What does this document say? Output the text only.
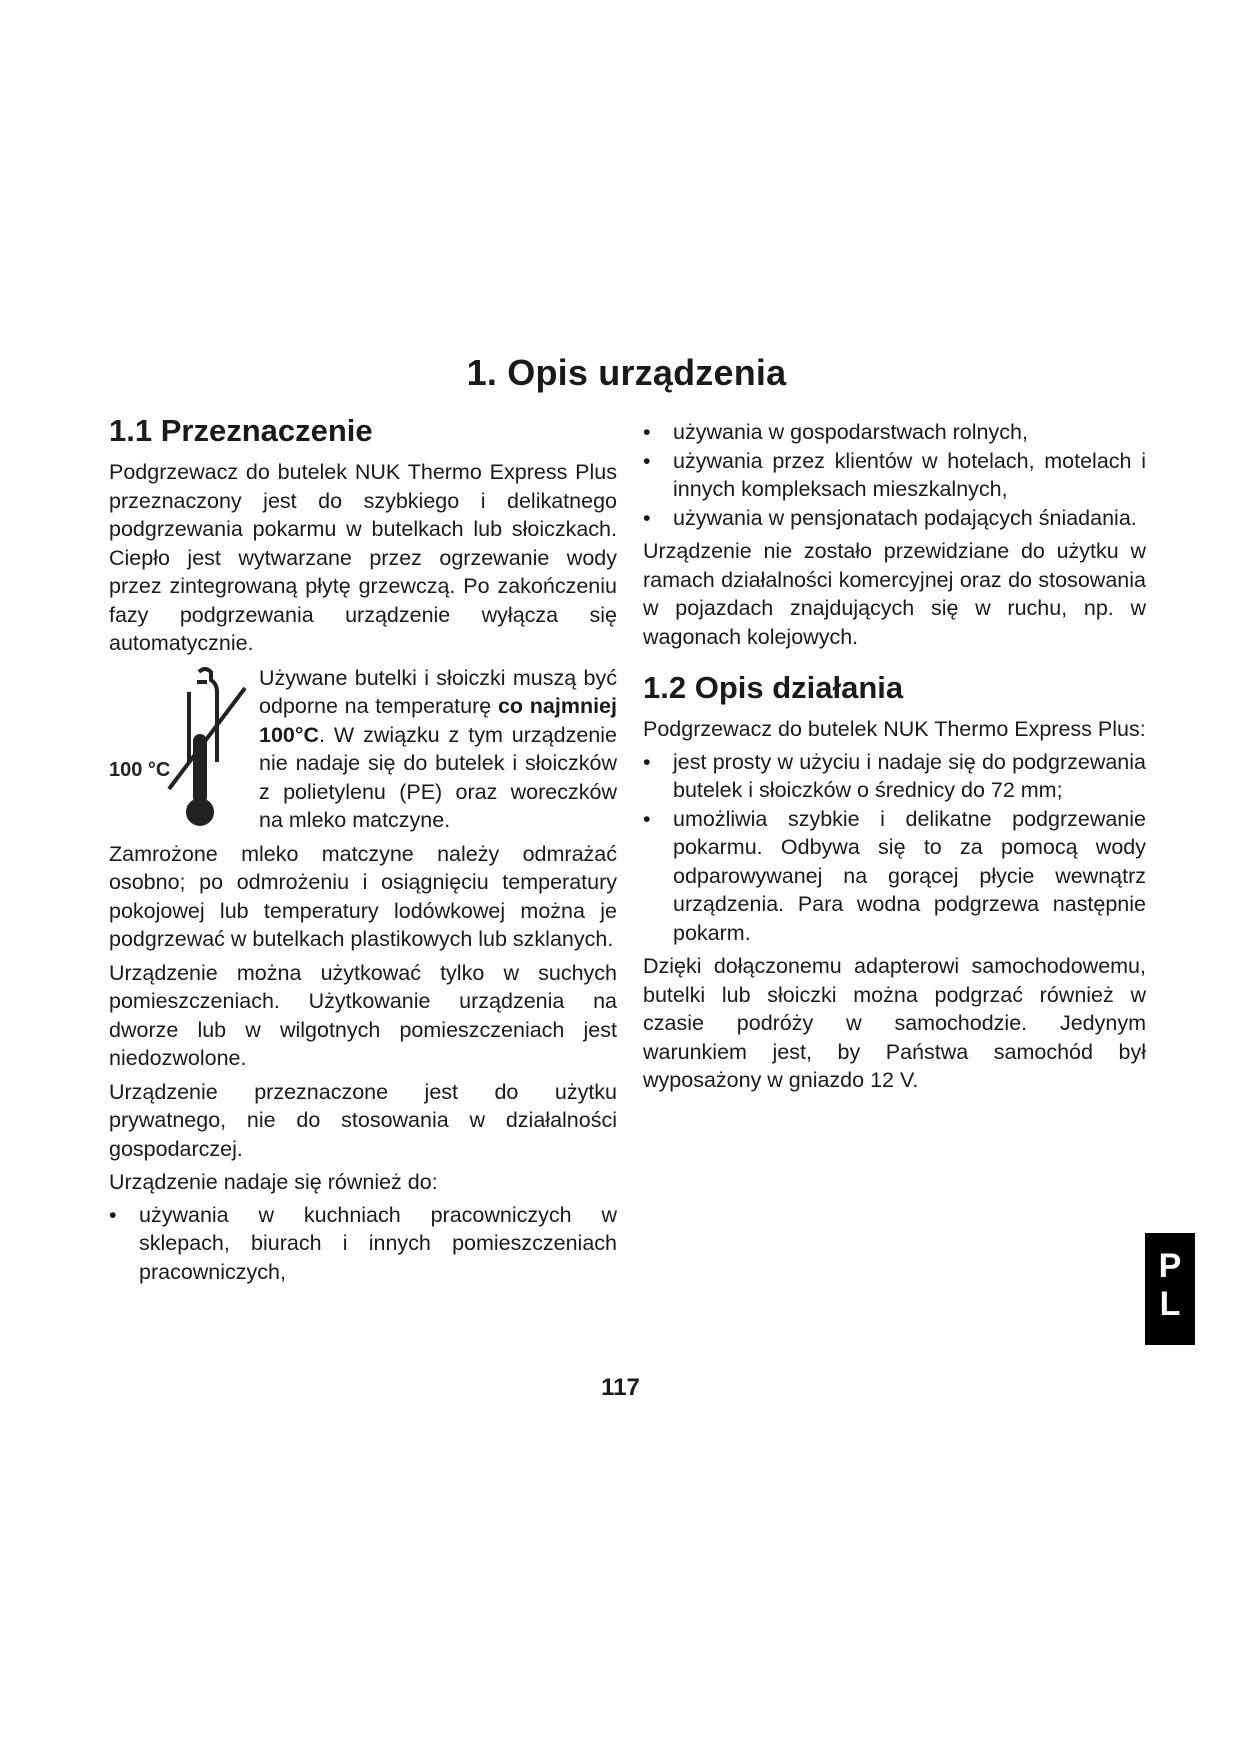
1. Opis urządzenia
1.1 Przeznaczenie

Podgrzewacz do butelek NUK Thermo Express Plus przeznaczony jest do szybkiego i delikatnego podgrzewania pokarmu w butelkach lub słoiczkach. Ciepło jest wytwarzane przez ogrzewanie wody przez zintegrowaną płytę grzewczą. Po zakończeniu fazy podgrzewania urządzenie wyłącza się automatycznie.

100 °C
Używane butelki i słoiczki muszą być odporne na temperaturę co najmniej 100°C. W związku z tym urządzenie nie nadaje się do butelek i słoiczków z polietylenu (PE) oraz woreczków na mleko matczyne.

Zamrożone mleko matczyne należy odmrażać osobno; po odmrożeniu i osiągnięciu temperatury pokojowej lub temperatury lodówkowej można je podgrzewać w butelkach plastikowych lub szklanych.

Urządzenie można użytkować tylko w suchych pomieszczeniach. Użytkowanie urządzenia na dworze lub w wilgotnych pomieszczeniach jest niedozwolone.

Urządzenie przeznaczone jest do użytku prywatnego, nie do stosowania w działalności gospodarczej.

Urządzenie nadaje się również do:

• używania w kuchniach pracowniczych w sklepach, biurach i innych pomieszczeniach pracowniczych,
• używania w gospodarstwach rolnych,
• używania przez klientów w hotelach, motelach i innych kompleksach mieszkalnych,
• używania w pensjonatach podających śniadania.

Urządzenie nie zostało przewidziane do użytku w ramach działalności komercyjnej oraz do stosowania w pojazdach znajdujących się w ruchu, np. w wagonach kolejowych.

1.2 Opis działania

Podgrzewacz do butelek NUK Thermo Express Plus:

• jest prosty w użyciu i nadaje się do podgrzewania butelek i słoiczków o średnicy do 72 mm;
• umożliwia szybkie i delikatne podgrzewanie pokarmu. Odbywa się to za pomocą wody odparowywanej na gorącej płycie wewnątrz urządzenia. Para wodna podgrzewa następnie pokarm.

Dzięki dołączonemu adapterowi samochodowemu, butelki lub słoiczki można podgrzać również w czasie podróży w samochodzie. Jedynym warunkiem jest, by Państwa samochód był wyposażony w gniazdo 12 V.

117
P
L
